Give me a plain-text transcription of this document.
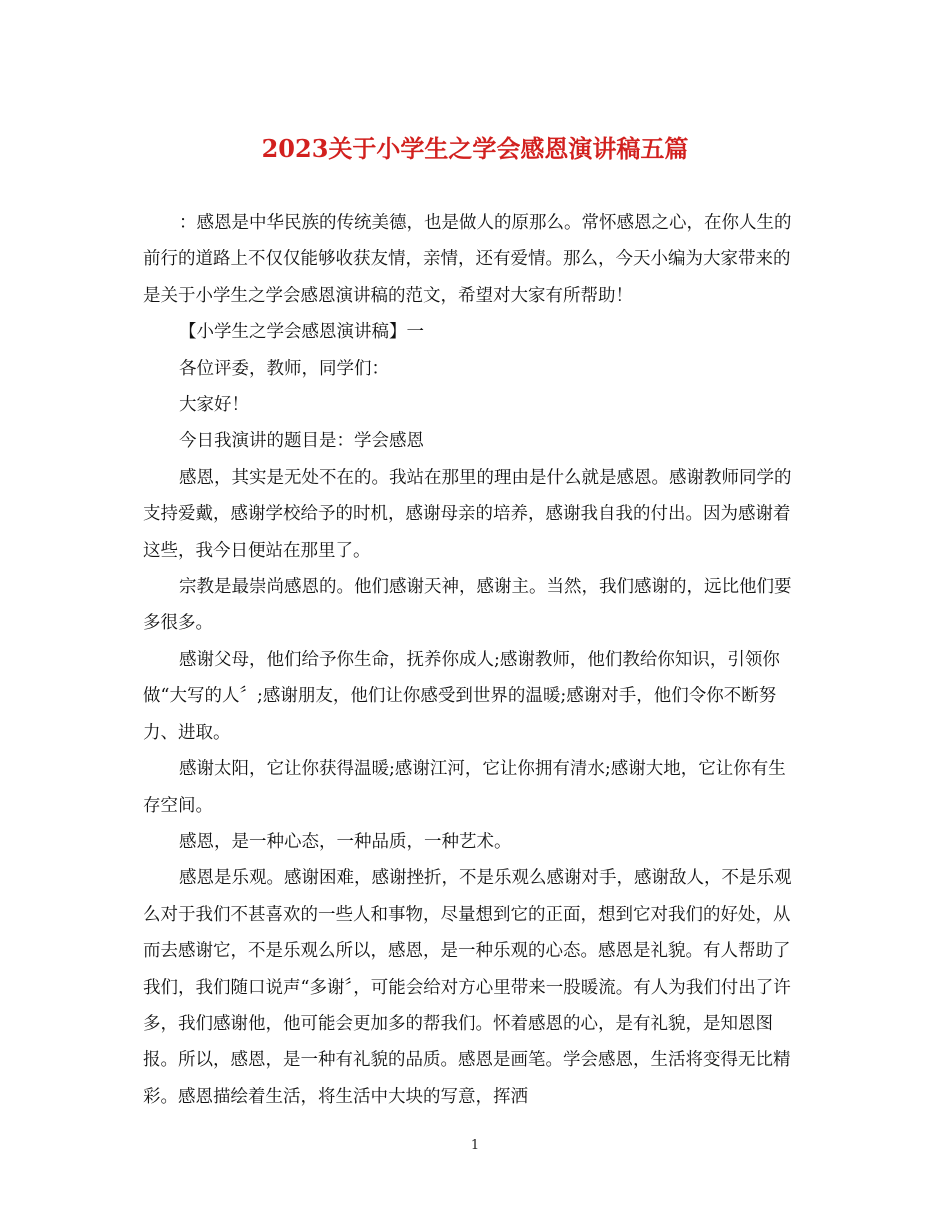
2023关于小学生之学会感恩演讲稿五篇

：感恩是中华民族的传统美德，也是做人的原那么。常怀感恩之心，在你人生的前行的道路上不仅仅能够收获友情，亲情，还有爱情。那么，今天小编为大家带来的是关于小学生之学会感恩演讲稿的范文，希望对大家有所帮助！

【小学生之学会感恩演讲稿】一

各位评委，教师，同学们：

大家好！

今日我演讲的题目是：学会感恩

感恩，其实是无处不在的。我站在那里的理由是什么就是感恩。感谢教师同学的支持爱戴，感谢学校给予的时机，感谢母亲的培养，感谢我自我的付出。因为感谢着这些，我今日便站在那里了。

宗教是最崇尚感恩的。他们感谢天神，感谢主。当然，我们感谢的，远比他们要多很多。

感谢父母，他们给予你生命，抚养你成人;感谢教师，他们教给你知识，引领你做“大写的人〞;感谢朋友，他们让你感受到世界的温暖;感谢对手，他们令你不断努力、进取。

感谢太阳，它让你获得温暖;感谢江河，它让你拥有清水;感谢大地，它让你有生存空间。

感恩，是一种心态，一种品质，一种艺术。

感恩是乐观。感谢困难，感谢挫折，不是乐观么感谢对手，感谢敌人，不是乐观么对于我们不甚喜欢的一些人和事物，尽量想到它的正面，想到它对我们的好处，从而去感谢它，不是乐观么所以，感恩，是一种乐观的心态。感恩是礼貌。有人帮助了我们，我们随口说声“多谢〞，可能会给对方心里带来一股暖流。有人为我们付出了许多，我们感谢他，他可能会更加多的帮我们。怀着感恩的心，是有礼貌，是知恩图报。所以，感恩，是一种有礼貌的品质。感恩是画笔。学会感恩，生活将变得无比精彩。感恩描绘着生活，将生活中大块的写意，挥洒

1
